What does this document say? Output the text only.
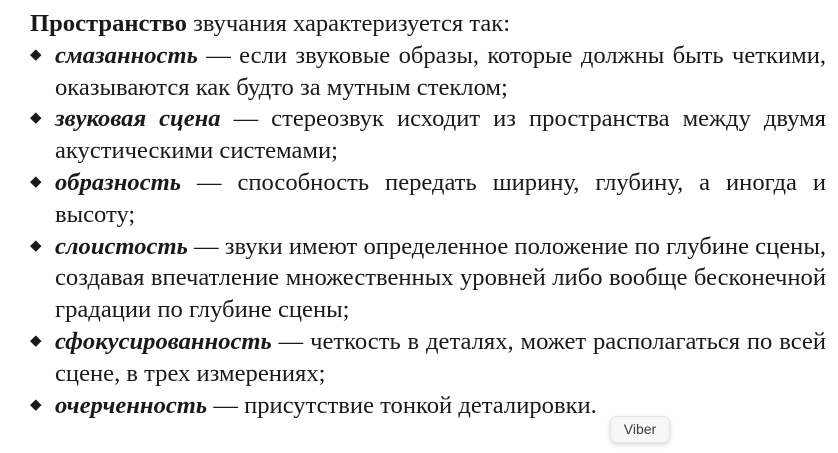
Пространство звучания характеризуется так:

◆ смазанность — если звуковые образы, которые должны быть четкими, оказываются как будто за мутным стеклом;
◆ звуковая сцена — стереозвук исходит из пространства между двумя акустическими системами;
◆ образность — способность передать ширину, глубину, а иногда и высоту;
◆ слоистость — звуки имеют определенное положение по глубине сцены, создавая впечатление множественных уровней либо вообще бесконечной градации по глубине сцены;
◆ сфокусированность — четкость в деталях, может располагаться по всей сцене, в трех измерениях;
◆ очерченность — присутствие тонкой деталировки.
Viber
